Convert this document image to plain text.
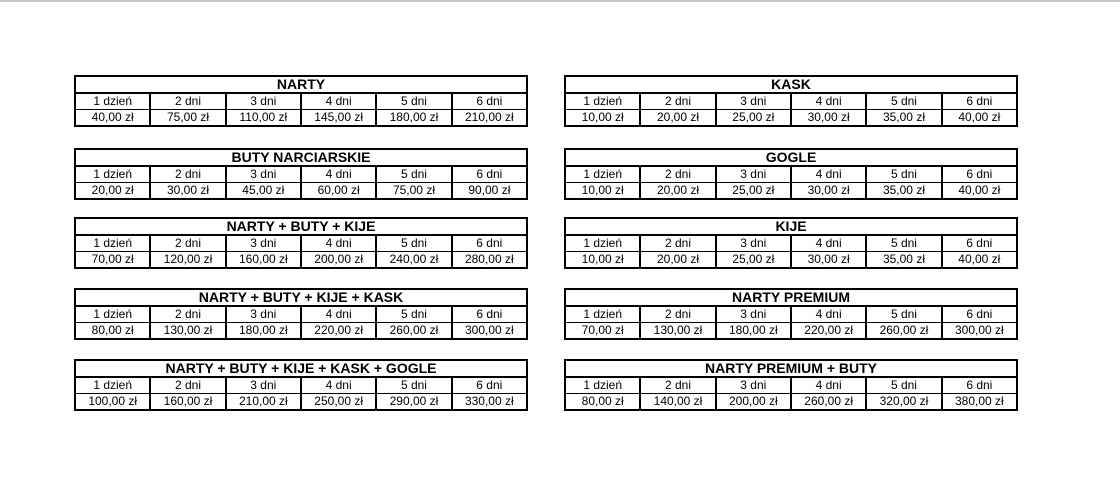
NARTY					
1 dzień	2 dni	3 dni	4 dni	5 dni	6 dni
40,00 zł	75,00 zł	110,00 zł	145,00 zł	180,00 zł	210,00 zł
KASK					
1 dzień	2 dni	3 dni	4 dni	5 dni	6 dni
10,00 zł	20,00 zł	25,00 zł	30,00 zł	35,00 zł	40,00 zł
BUTY NARCIARSKIE					
1 dzień	2 dni	3 dni	4 dni	5 dni	6 dni
20,00 zł	30,00 zł	45,00 zł	60,00 zł	75,00 zł	90,00 zł
GOGLE					
1 dzień	2 dni	3 dni	4 dni	5 dni	6 dni
10,00 zł	20,00 zł	25,00 zł	30,00 zł	35,00 zł	40,00 zł
NARTY + BUTY + KIJE					
1 dzień	2 dni	3 dni	4 dni	5 dni	6 dni
70,00 zł	120,00 zł	160,00 zł	200,00 zł	240,00 zł	280,00 zł
KIJE					
1 dzień	2 dni	3 dni	4 dni	5 dni	6 dni
10,00 zł	20,00 zł	25,00 zł	30,00 zł	35,00 zł	40,00 zł
NARTY + BUTY + KIJE + KASK					
1 dzień	2 dni	3 dni	4 dni	5 dni	6 dni
80,00 zł	130,00 zł	180,00 zł	220,00 zł	260,00 zł	300,00 zł
NARTY PREMIUM					
1 dzień	2 dni	3 dni	4 dni	5 dni	6 dni
70,00 zł	130,00 zł	180,00 zł	220,00 zł	260,00 zł	300,00 zł
NARTY + BUTY + KIJE + KASK + GOGLE					
1 dzień	2 dni	3 dni	4 dni	5 dni	6 dni
100,00 zł	160,00 zł	210,00 zł	250,00 zł	290,00 zł	330,00 zł
NARTY PREMIUM + BUTY					
1 dzień	2 dni	3 dni	4 dni	5 dni	6 dni
80,00 zł	140,00 zł	200,00 zł	260,00 zł	320,00 zł	380,00 zł
